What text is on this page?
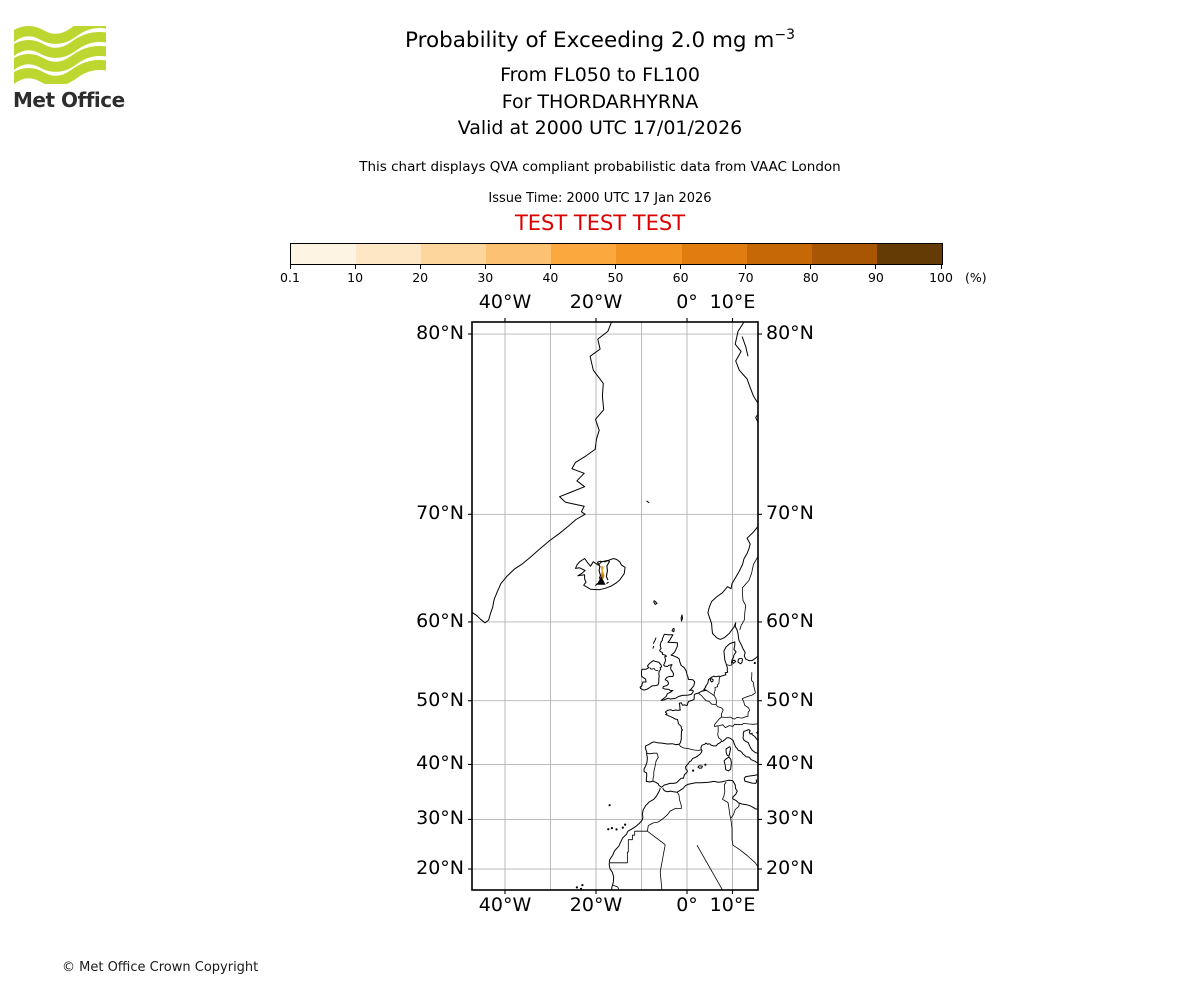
Met Office
Probability of Exceeding 2.0 mg $m^{-3}$
From FL050 to FL100
For THORDARHYRNA
Valid at 2000 UTC 17/01/2026
This chart displays QVA compliant probabilistic data from VAAC London
Issue Time: 2000 UTC 17 Jan 2026
TEST TEST TEST
0.1	10	20	30	40	50	60	70	80	90	100 (%)
40°W
40°W
20°W
20°W
0°
0°
10°E
10°E
80°N	80°N
70°N	70°N
60°N	60°N
50°N	50°N
40°N	40°N
30°N	30°N
20°N	20°N
© Met Office Crown Copyright
